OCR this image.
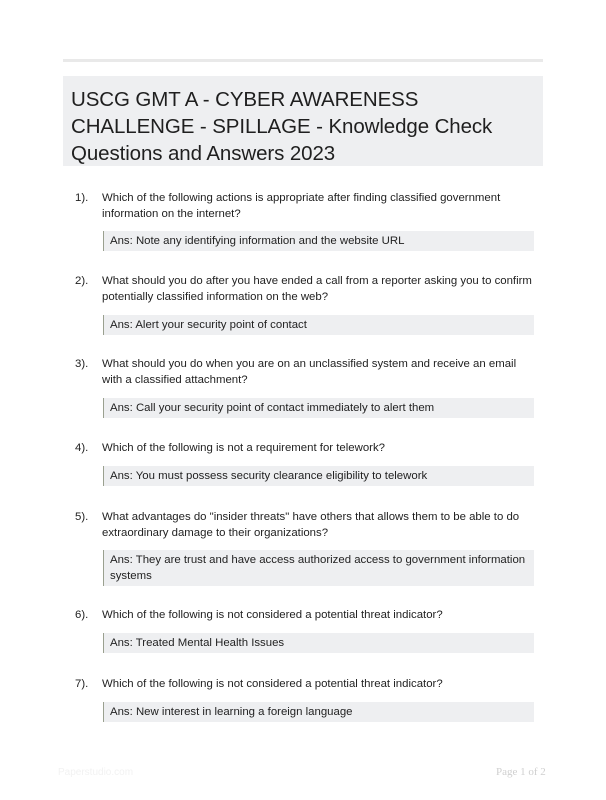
USCG GMT A - CYBER AWARENESS CHALLENGE - SPILLAGE - Knowledge Check Questions and Answers 2023
1). Which of the following actions is appropriate after finding classified government information on the internet?
Ans: Note any identifying information and the website URL
2). What should you do after you have ended a call from a reporter asking you to confirm potentially classified information on the web?
Ans: Alert your security point of contact
3). What should you do when you are on an unclassified system and receive an email with a classified attachment?
Ans: Call your security point of contact immediately to alert them
4). Which of the following is not a requirement for telework?
Ans: You must possess security clearance eligibility to telework
5). What advantages do "insider threats" have others that allows them to be able to do extraordinary damage to their organizations?
Ans: They are trust and have access authorized access to government information systems
6). Which of the following is not considered a potential threat indicator?
Ans: Treated Mental Health Issues
7). Which of the following is not considered a potential threat indicator?
Ans: New interest in learning a foreign language
Paperstudio.com	Page 1 of 2
